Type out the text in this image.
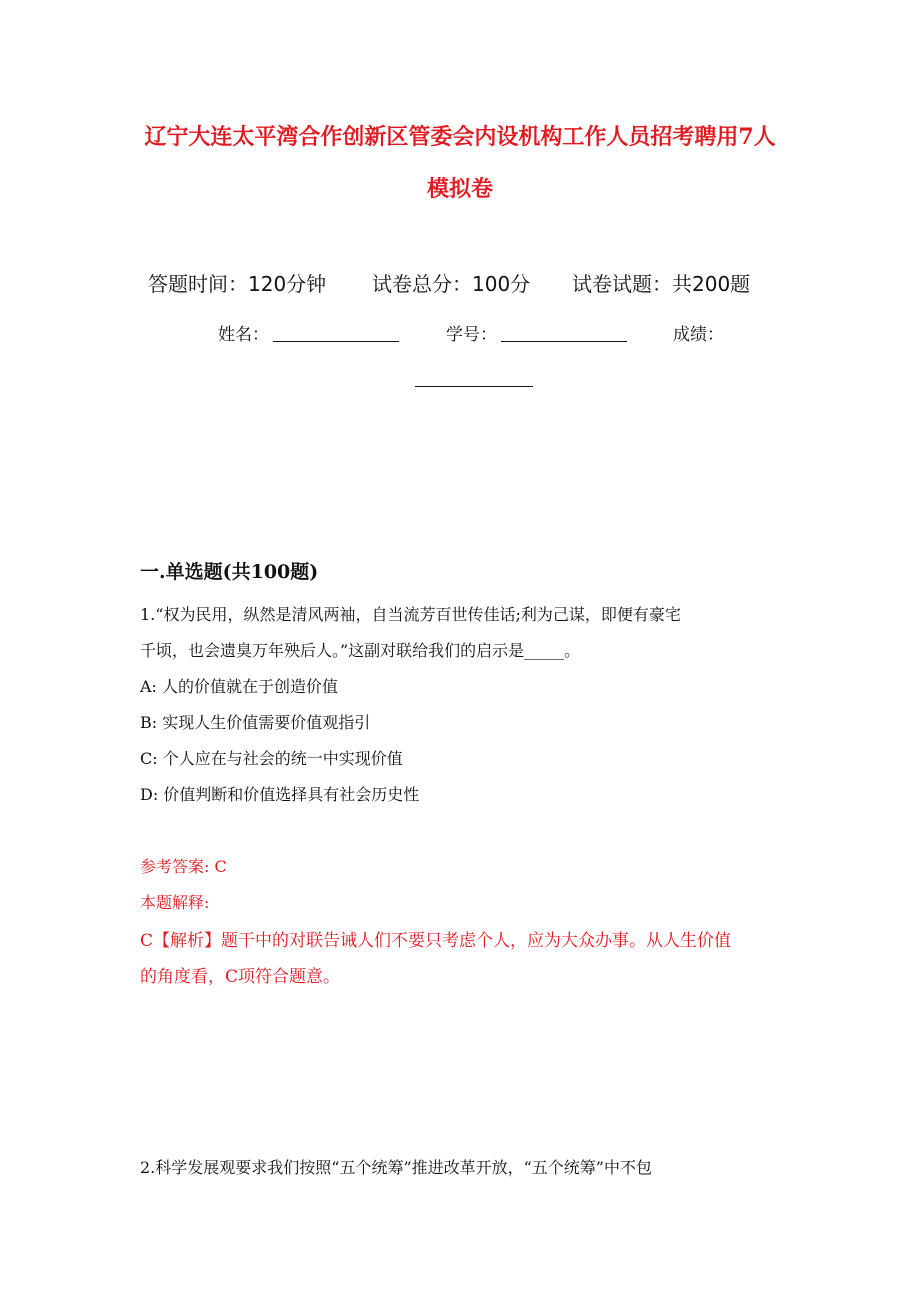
辽宁大连太平湾合作创新区管委会内设机构工作人员招考聘用7人
模拟卷
答题时间：120分钟 试卷总分：100分 试卷试题：共200题
姓名：	学号：	成绩：
一.单选题(共100题)
1.“权为民用，纵然是清风两袖，自当流芳百世传佳话;利为己谋，即便有豪宅
千顷，也会遗臭万年殃后人。”这副对联给我们的启示是_____。
A: 人的价值就在于创造价值
B: 实现人生价值需要价值观指引
C: 个人应在与社会的统一中实现价值
D: 价值判断和价值选择具有社会历史性
参考答案: C
本题解释:
C【解析】题干中的对联告诫人们不要只考虑个人，应为大众办事。从人生价值
的角度看，C项符合题意。
2.科学发展观要求我们按照“五个统筹”推进改革开放，“五个统筹”中不包
